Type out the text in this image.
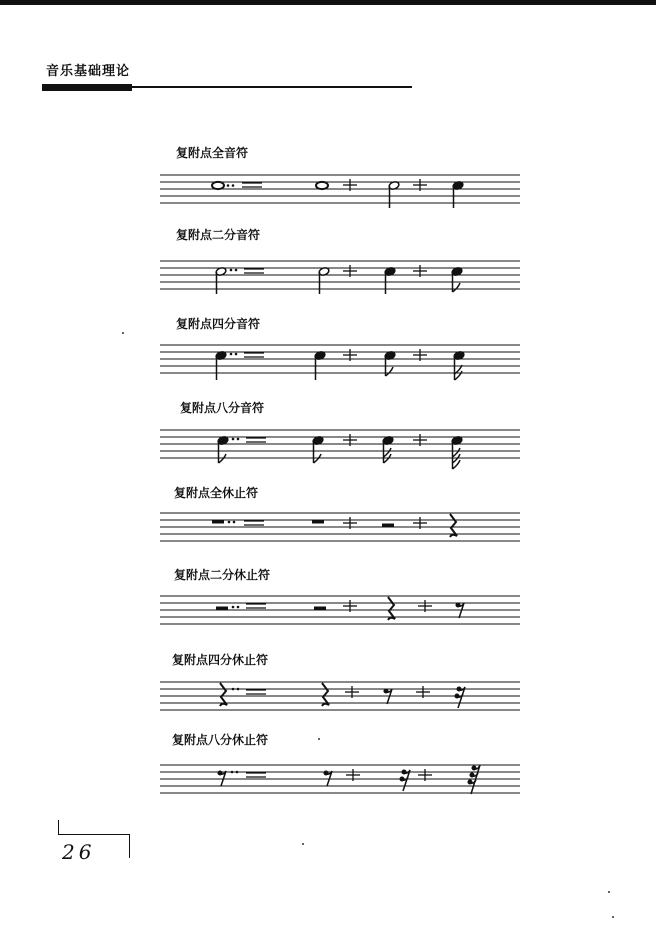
音乐基础理论
复附点全音符
复附点二分音符
复附点四分音符
复附点八分音符
复附点全休止符
复附点二分休止符
复附点四分休止符
复附点八分休止符
26
